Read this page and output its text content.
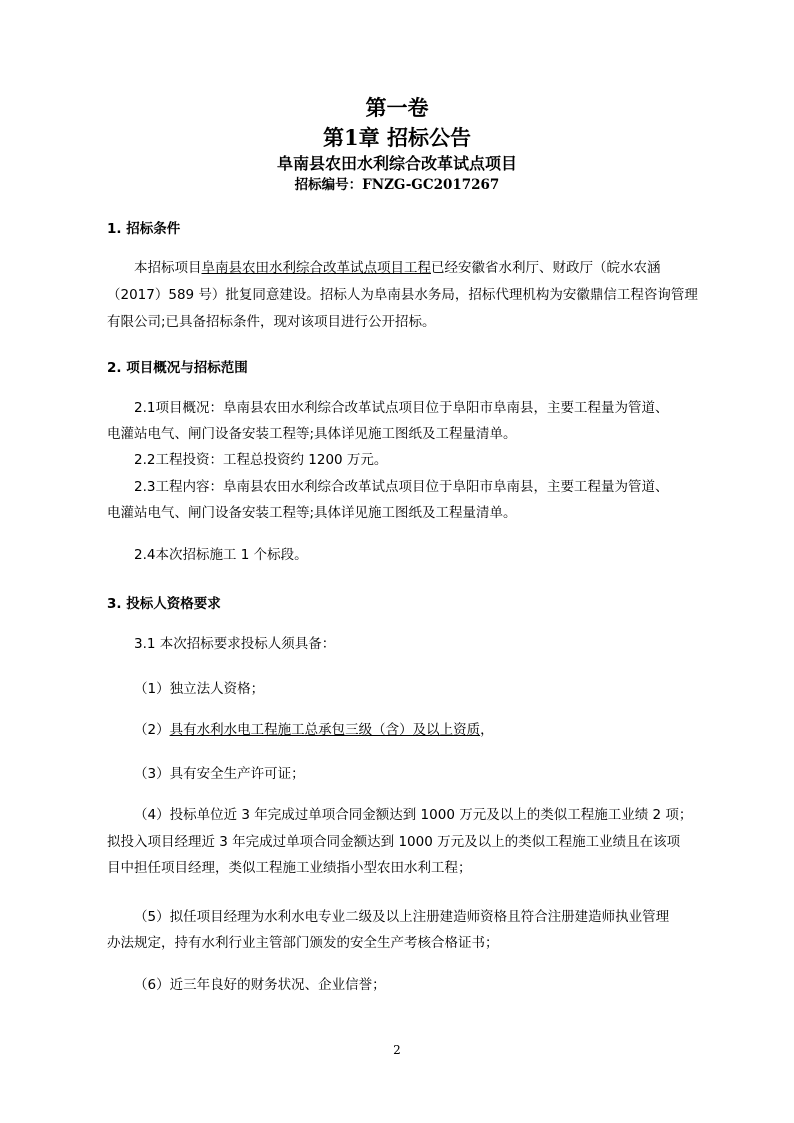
第一卷
第1章 招标公告
阜南县农田水利综合改革试点项目
招标编号：FNZG-GC2017267
1. 招标条件
本招标项目阜南县农田水利综合改革试点项目工程已经安徽省水利厅、财政厅（皖水农涵
（2017）589 号）批复同意建设。招标人为阜南县水务局，招标代理机构为安徽鼎信工程咨询管理
有限公司;已具备招标条件，现对该项目进行公开招标。
2. 项目概况与招标范围
2.1项目概况：阜南县农田水利综合改革试点项目位于阜阳市阜南县，主要工程量为管道、
电灌站电气、闸门设备安装工程等;具体详见施工图纸及工程量清单。
2.2工程投资：工程总投资约 1200 万元。
2.3工程内容：阜南县农田水利综合改革试点项目位于阜阳市阜南县，主要工程量为管道、
电灌站电气、闸门设备安装工程等;具体详见施工图纸及工程量清单。
2.4本次招标施工 1 个标段。
3. 投标人资格要求
3.1 本次招标要求投标人须具备：
（1）独立法人资格；
（2）具有水利水电工程施工总承包三级（含）及以上资质，
（3）具有安全生产许可证；
（4）投标单位近 3 年完成过单项合同金额达到 1000 万元及以上的类似工程施工业绩 2 项；
拟投入项目经理近 3 年完成过单项合同金额达到 1000 万元及以上的类似工程施工业绩且在该项
目中担任项目经理，类似工程施工业绩指小型农田水利工程；
（5）拟任项目经理为水利水电专业二级及以上注册建造师资格且符合注册建造师执业管理
办法规定，持有水利行业主管部门颁发的安全生产考核合格证书；
（6）近三年良好的财务状况、企业信誉；
2
